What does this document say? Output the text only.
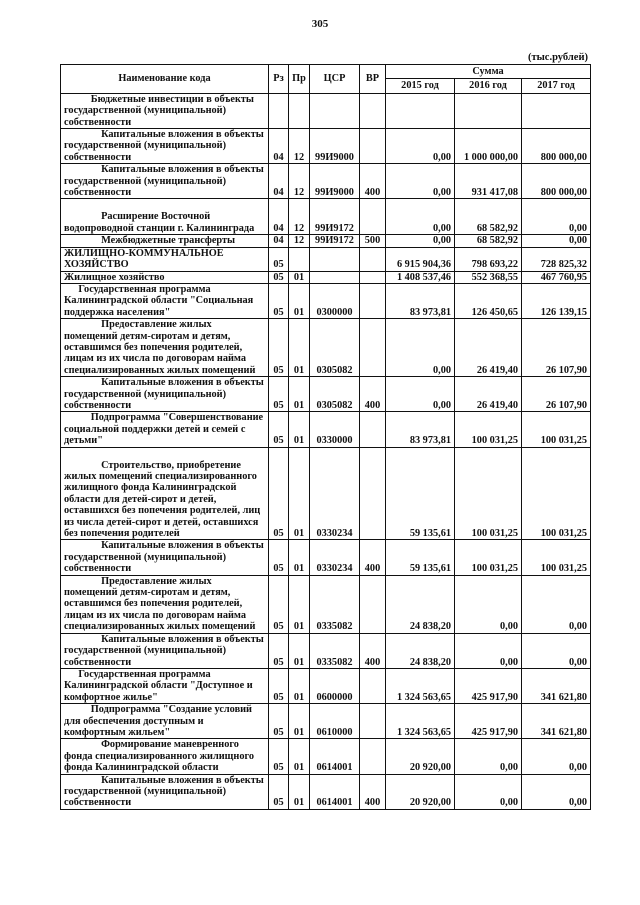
305
(тыс.рублей)
Наименование кода	Рз	Пр	ЦСР	ВР	Сумма		
					2015 год	2016 год	2017 год
Бюджетные инвестиции в объекты государственной (муниципальной) собственности							
Капитальные вложения в объекты государственной (муниципальной) собственности	04	12	99И9000		0,00	1 000 000,00	800 000,00
Капитальные вложения в объекты государственной (муниципальной) собственности	04	12	99И9000	400	0,00	931 417,08	800 000,00
Расширение Восточной водопроводной станции г. Калининграда	04	12	99И9172		0,00	68 582,92	0,00
Межбюджетные трансферты	04	12	99И9172	500	0,00	68 582,92	0,00
ЖИЛИЩНО-КОММУНАЛЬНОЕ ХОЗЯЙСТВО	05				6 915 904,36	798 693,22	728 825,32
Жилищное хозяйство	05	01			1 408 537,46	552 368,55	467 760,95
Государственная программа Калининградской области "Социальная поддержка населения"	05	01	0300000		83 973,81	126 450,65	126 139,15
Предоставление жилых помещений детям-сиротам и детям, оставшимся без попечения родителей, лицам из их числа по договорам найма специализированных жилых помещений	05	01	0305082		0,00	26 419,40	26 107,90
Капитальные вложения в объекты государственной (муниципальной) собственности	05	01	0305082	400	0,00	26 419,40	26 107,90
Подпрограмма "Совершенствование социальной поддержки детей и семей с детьми"	05	01	0330000		83 973,81	100 031,25	100 031,25
Строительство, приобретение жилых помещений специализированного жилищного фонда Калининградской области для детей-сирот и детей, оставшихся без попечения родителей, лиц из числа детей-сирот и детей, оставшихся без попечения родителей	05	01	0330234		59 135,61	100 031,25	100 031,25
Капитальные вложения в объекты государственной (муниципальной) собственности	05	01	0330234	400	59 135,61	100 031,25	100 031,25
Предоставление жилых помещений детям-сиротам и детям, оставшимся без попечения родителей, лицам из их числа по договорам найма специализированных жилых помещений	05	01	0335082		24 838,20	0,00	0,00
Капитальные вложения в объекты государственной (муниципальной) собственности	05	01	0335082	400	24 838,20	0,00	0,00
Государственная программа Калининградской области "Доступное и комфортное жилье"	05	01	0600000		1 324 563,65	425 917,90	341 621,80
Подпрограмма "Создание условий для обеспечения доступным и комфортным жильем"	05	01	0610000		1 324 563,65	425 917,90	341 621,80
Формирование маневренного фонда специализированного жилищного фонда Калининградской области	05	01	0614001		20 920,00	0,00	0,00
Капитальные вложения в объекты государственной (муниципальной) собственности	05	01	0614001	400	20 920,00	0,00	0,00
